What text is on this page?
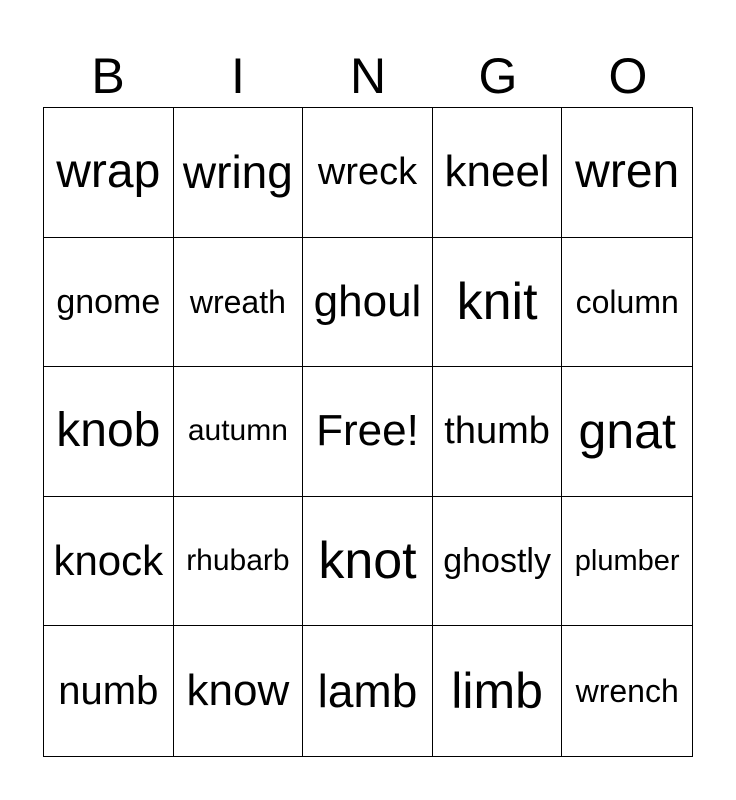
B	I	N	G	O
wrap wring wreck kneel wren
gnome wreath ghoul knit	column
knob autumn Free! thumb gnat
knock rhubarb knot ghostly plumber
numb know lamb limb	wrench
